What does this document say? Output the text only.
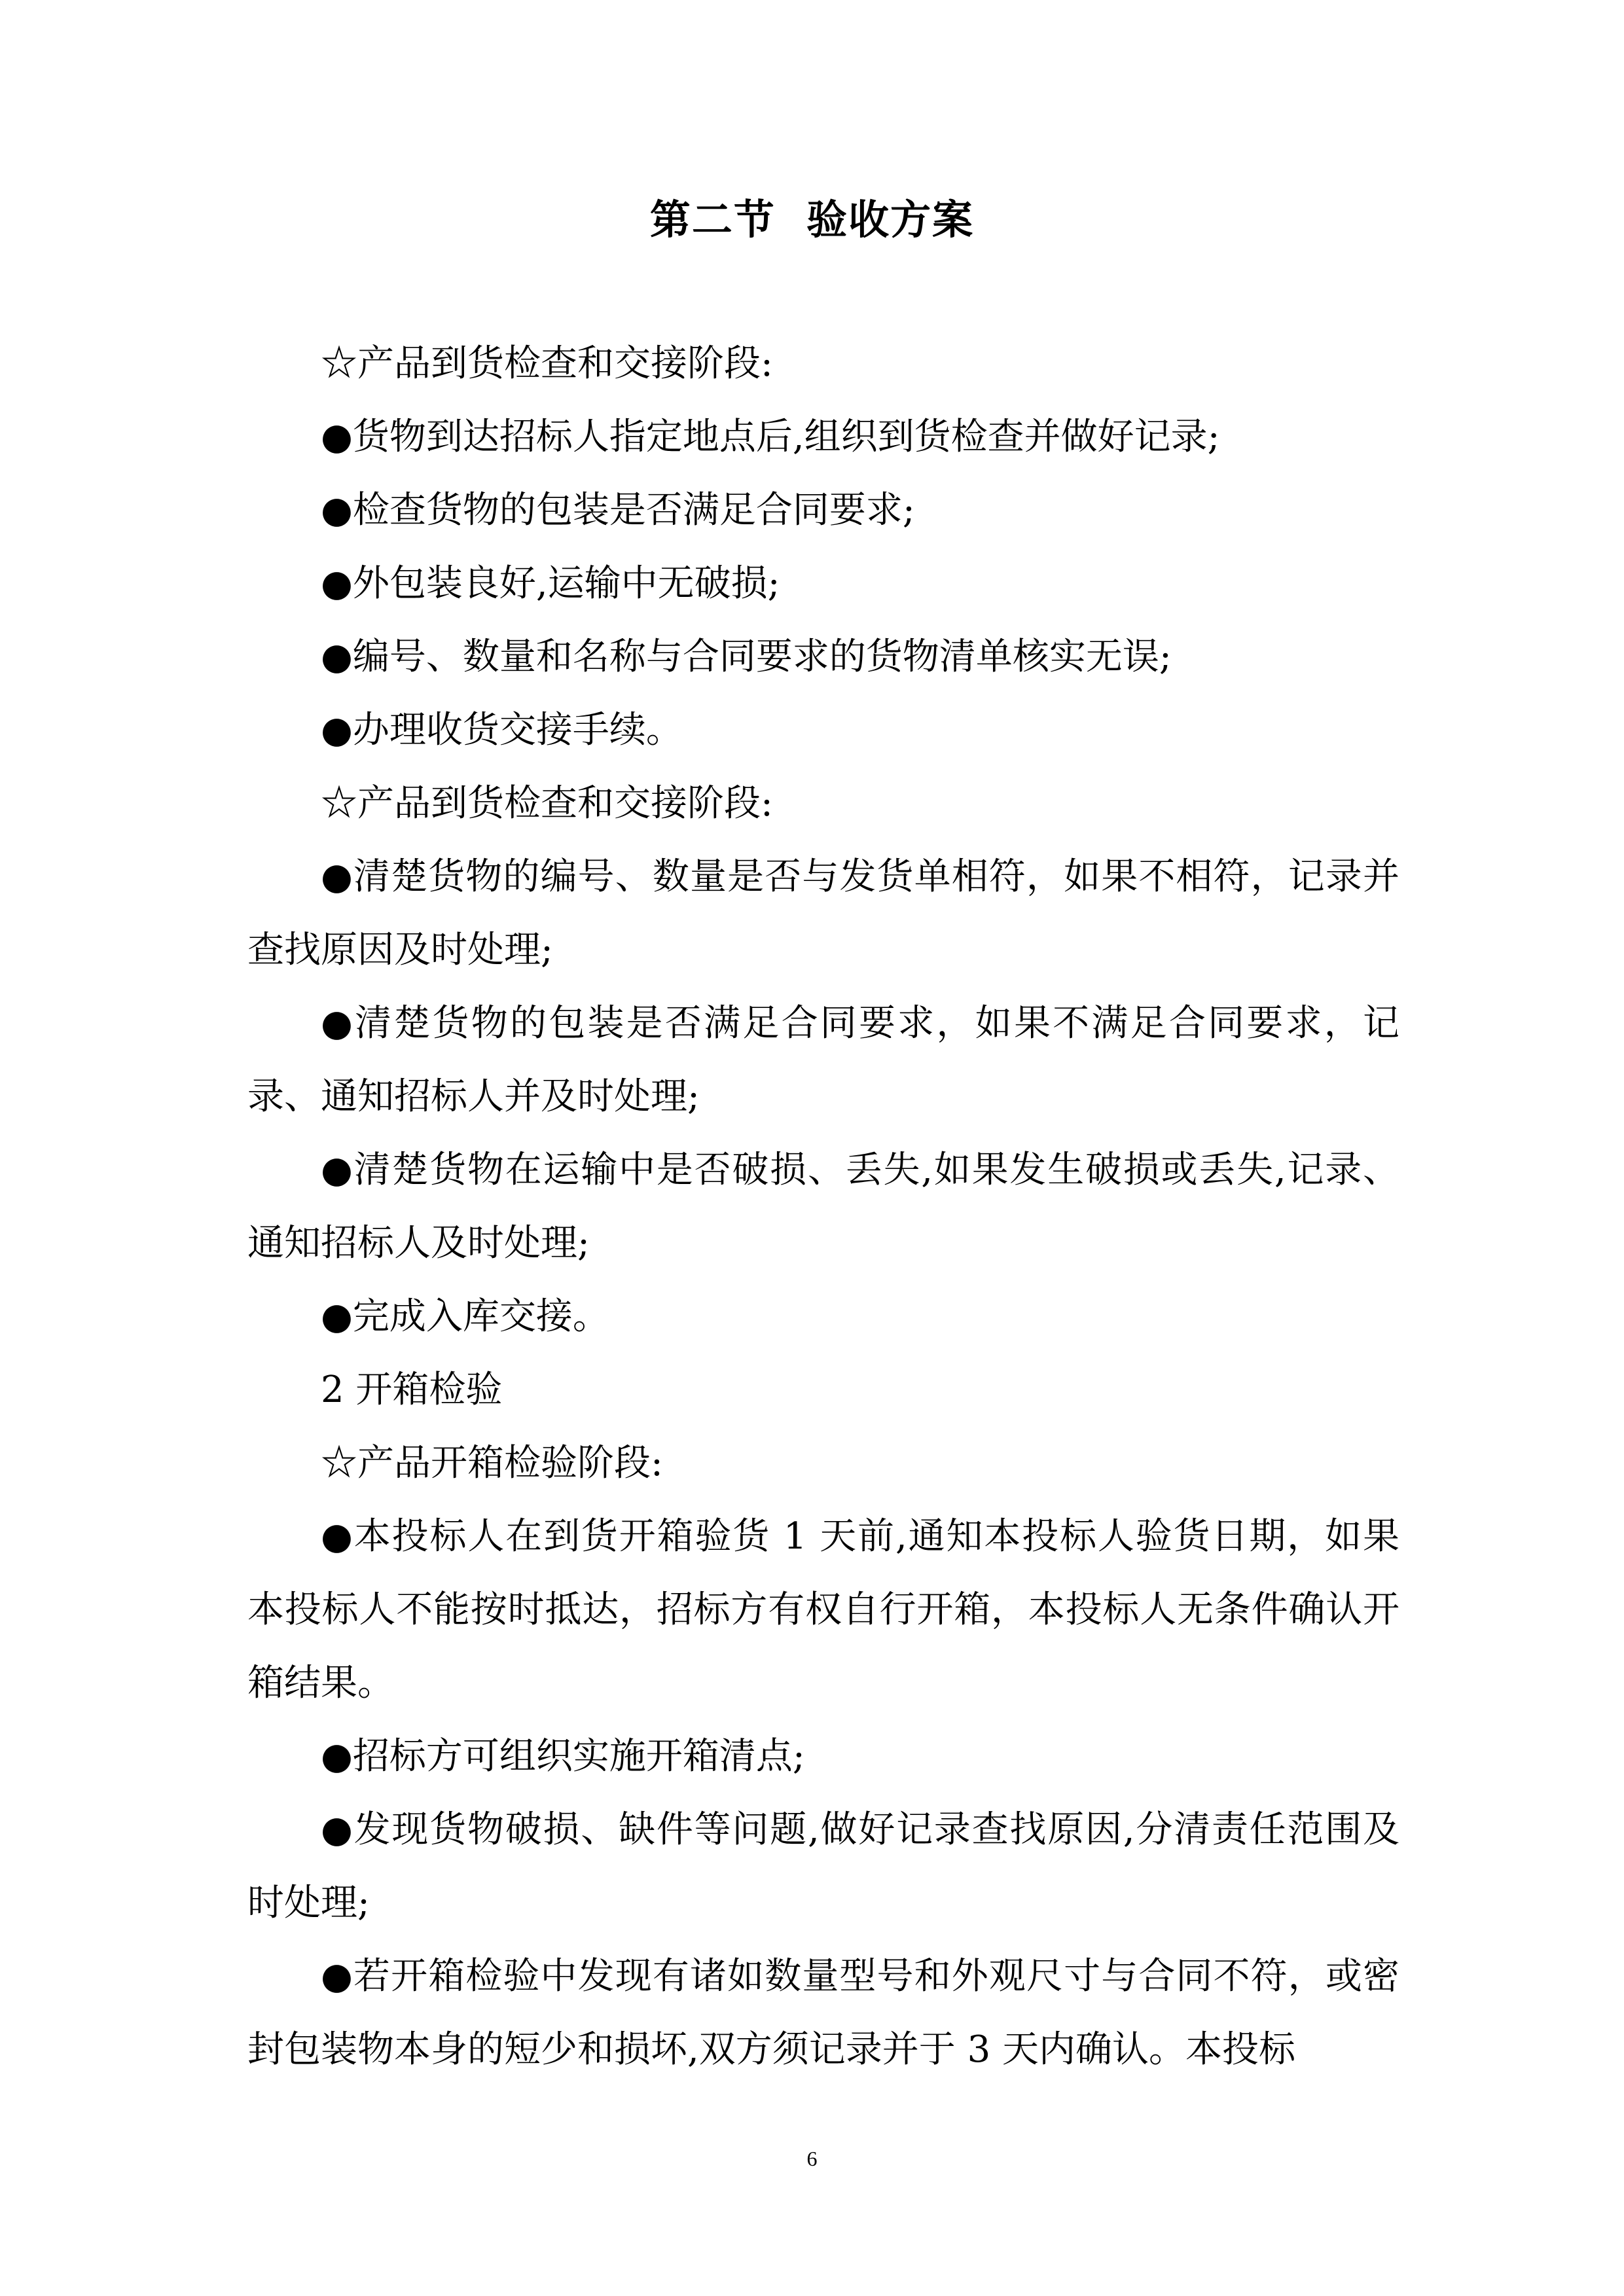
第二节  验收方案

☆产品到货检查和交接阶段:

●货物到达招标人指定地点后,组织到货检查并做好记录;

●检查货物的包装是否满足合同要求;

●外包装良好,运输中无破损;

●编号、数量和名称与合同要求的货物清单核实无误;

●办理收货交接手续。

☆产品到货检查和交接阶段:

●清楚货物的编号、数量是否与发货单相符，如果不相符，记录并查找原因及时处理;

●清楚货物的包装是否满足合同要求，如果不满足合同要求，记录、通知招标人并及时处理;

●清楚货物在运输中是否破损、丢失,如果发生破损或丢失,记录、通知招标人及时处理;

●完成入库交接。

2 开箱检验

☆产品开箱检验阶段:

●本投标人在到货开箱验货 1 天前,通知本投标人验货日期，如果本投标人不能按时抵达，招标方有权自行开箱，本投标人无条件确认开箱结果。

●招标方可组织实施开箱清点;

●发现货物破损、缺件等问题,做好记录查找原因,分清责任范围及时处理;

●若开箱检验中发现有诸如数量型号和外观尺寸与合同不符，或密封包装物本身的短少和损坏,双方须记录并于 3 天内确认。本投标

6
